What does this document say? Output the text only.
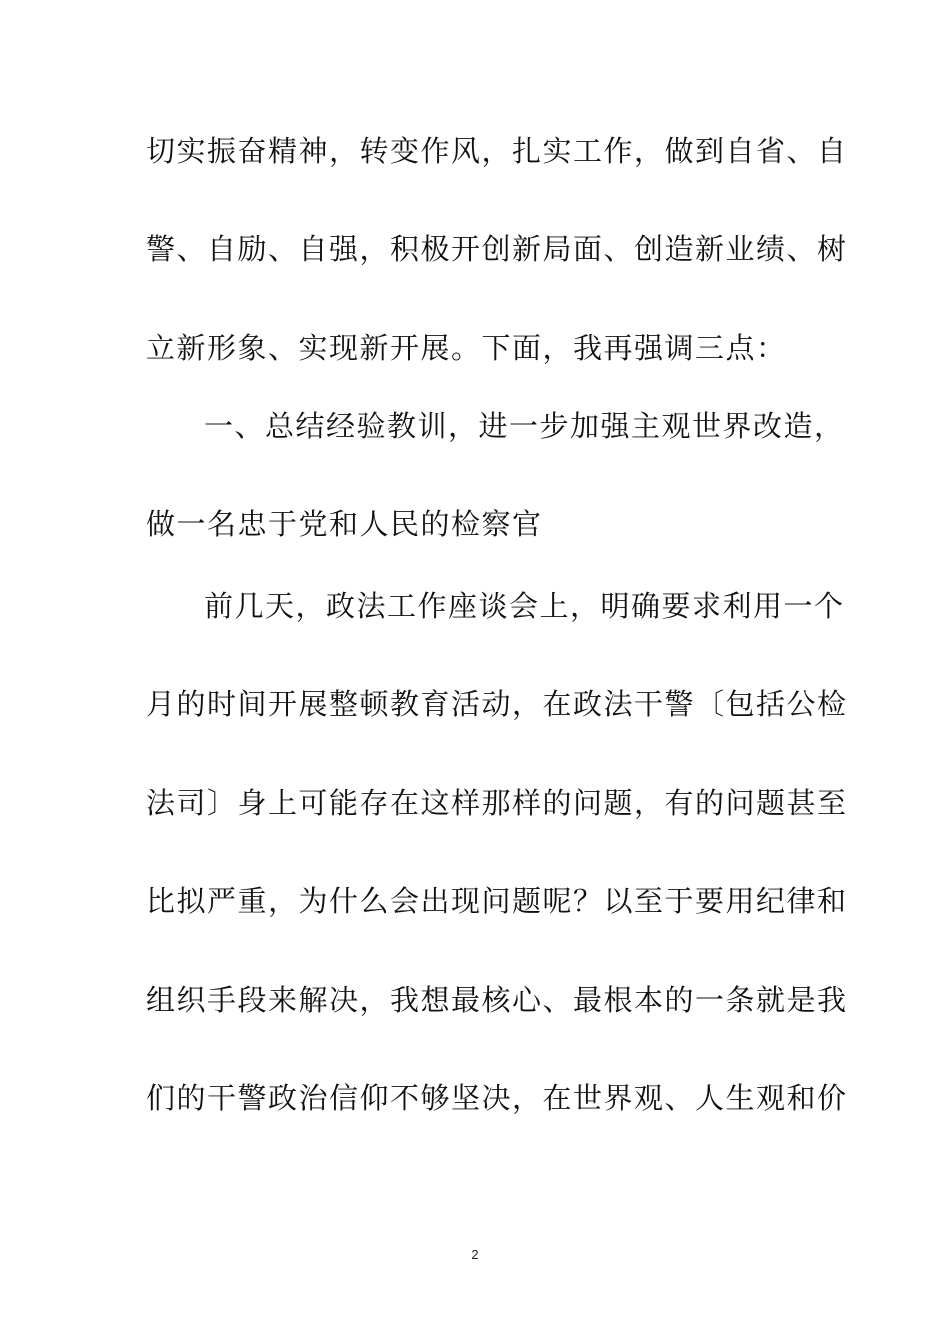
切实振奋精神，转变作风，扎实工作，做到自省、自
警、自励、自强，积极开创新局面、创造新业绩、树
立新形象、实现新开展。下面，我再强调三点：
一、总结经验教训，进一步加强主观世界改造，
做一名忠于党和人民的检察官
前几天，政法工作座谈会上，明确要求利用一个
月的时间开展整顿教育活动，在政法干警〔包括公检
法司〕身上可能存在这样那样的问题，有的问题甚至
比拟严重，为什么会出现问题呢？以至于要用纪律和
组织手段来解决，我想最核心、最根本的一条就是我
们的干警政治信仰不够坚决，在世界观、人生观和价
2
